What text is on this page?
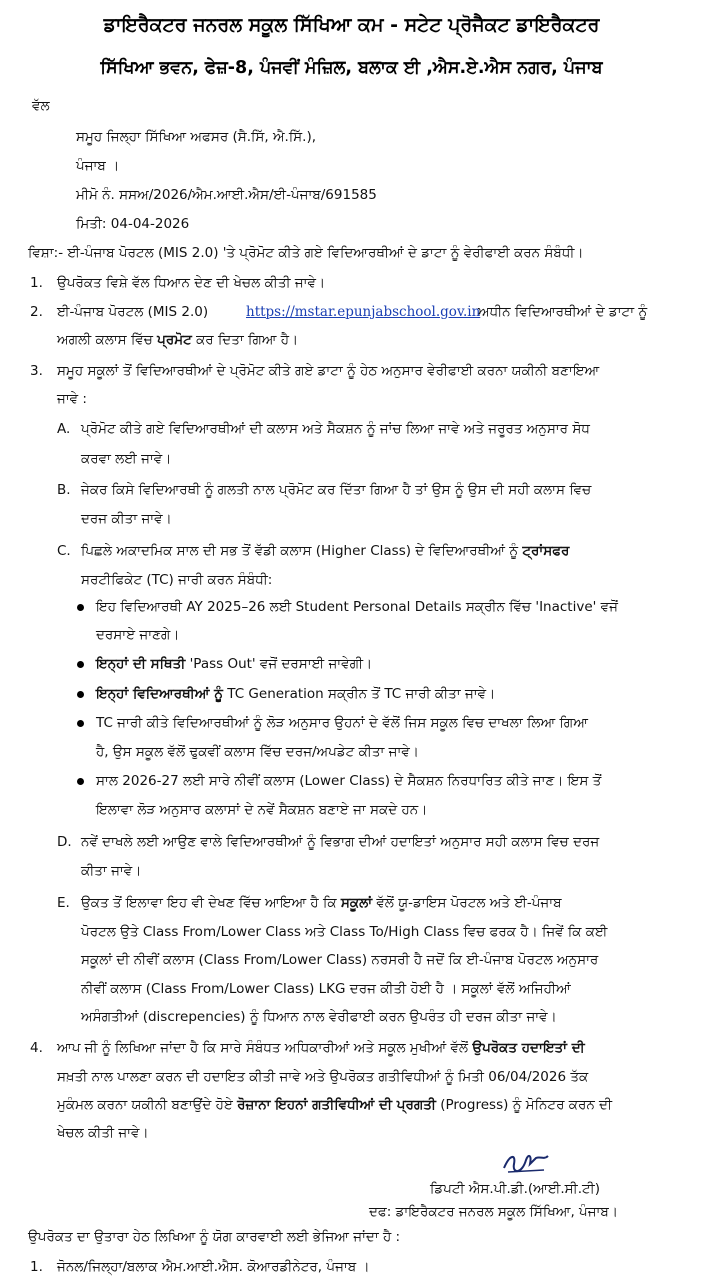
ਡਾਇਰੈਕਟਰ ਜਨਰਲ ਸਕੂਲ ਸਿੱਖਿਆ ਕਮ - ਸਟੇਟ ਪ੍ਰੋਜੈਕਟ ਡਾਇਰੈਕਟਰ
ਸਿੱਖਿਆ ਭਵਨ, ਫੇਜ਼-8, ਪੰਜਵੀਂ ਮੰਜ਼ਿਲ, ਬਲਾਕ ਈ ,ਐਸ.ਏ.ਐਸ ਨਗਰ, ਪੰਜਾਬ
ਵੱਲ
ਸਮੂਹ ਜਿਲ੍ਹਾ ਸਿੱਖਿਆ ਅਫਸਰ (ਸੈ.ਸਿੱ, ਐ.ਸਿੱ.),
ਪੰਜਾਬ ।
ਮੀਮੋ ਨੰ. ਸਸਅ/2026/ਐਮ.ਆਈ.ਐਸ/ਈ-ਪੰਜਾਬ/691585
ਮਿਤੀ: 04-04-2026
ਵਿਸ਼ਾ:- ਈ-ਪੰਜਾਬ ਪੋਰਟਲ (MIS 2.0) 'ਤੇ ਪ੍ਰੋਮੋਟ ਕੀਤੇ ਗਏ ਵਿਦਿਆਰਥੀਆਂ ਦੇ ਡਾਟਾ ਨੂੰ ਵੇਰੀਫਾਈ ਕਰਨ ਸੰਬੰਧੀ।
1. ਉਪਰੋਕਤ ਵਿਸ਼ੇ ਵੱਲ ਧਿਆਨ ਦੇਣ ਦੀ ਖੇਚਲ ਕੀਤੀ ਜਾਵੇ।
2. ਈ-ਪੰਜਾਬ ਪੋਰਟਲ (MIS 2.0)	https://mstar.epunjabschool.gov.in
ਅਧੀਨ ਵਿਦਿਆਰਥੀਆਂ ਦੇ ਡਾਟਾ ਨੂੰ
ਅਗਲੀ ਕਲਾਸ ਵਿੱਚ ਪ੍ਰਮੋਟ ਕਰ ਦਿਤਾ ਗਿਆ ਹੈ।
3. ਸਮੂਹ ਸਕੂਲਾਂ ਤੋਂ ਵਿਦਿਆਰਥੀਆਂ ਦੇ ਪ੍ਰੋਮੋਟ ਕੀਤੇ ਗਏ ਡਾਟਾ ਨੂੰ ਹੇਠ ਅਨੁਸਾਰ ਵੇਰੀਫਾਈ ਕਰਨਾ ਯਕੀਨੀ ਬਣਾਇਆ
ਜਾਵੇ :
A. ਪ੍ਰੋਮੋਟ ਕੀਤੇ ਗਏ ਵਿਦਿਆਰਥੀਆਂ ਦੀ ਕਲਾਸ ਅਤੇ ਸੈਕਸ਼ਨ ਨੂੰ ਜਾਂਚ ਲਿਆ ਜਾਵੇ ਅਤੇ ਜਰੂਰਤ ਅਨੁਸਾਰ ਸੋਧ
ਕਰਵਾ ਲਈ ਜਾਵੇ।
B. ਜੇਕਰ ਕਿਸੇ ਵਿਦਿਆਰਥੀ ਨੂੰ ਗਲਤੀ ਨਾਲ ਪ੍ਰੋਮੋਟ ਕਰ ਦਿੱਤਾ ਗਿਆ ਹੈ ਤਾਂ ਉਸ ਨੂੰ ਉਸ ਦੀ ਸਹੀ ਕਲਾਸ ਵਿਚ
ਦਰਜ ਕੀਤਾ ਜਾਵੇ।
C. ਪਿਛਲੇ ਅਕਾਦਮਿਕ ਸਾਲ ਦੀ ਸਭ ਤੋਂ ਵੱਡੀ ਕਲਾਸ (Higher Class) ਦੇ ਵਿਦਿਆਰਥੀਆਂ ਨੂੰ ਟ੍ਰਾਂਸਫਰ
ਸਰਟੀਫਿਕੇਟ (TC) ਜਾਰੀ ਕਰਨ ਸੰਬੰਧੀ:
ਇਹ ਵਿਦਿਆਰਥੀ AY 2025–26 ਲਈ Student Personal Details ਸਕ੍ਰੀਨ ਵਿੱਚ 'Inactive' ਵਜੋਂ
ਦਰਸਾਏ ਜਾਣਗੇ।
ਇਨ੍ਹਾਂ ਦੀ ਸਥਿਤੀ 'Pass Out' ਵਜੋਂ ਦਰਸਾਈ ਜਾਵੇਗੀ।
ਇਨ੍ਹਾਂ ਵਿਦਿਆਰਥੀਆਂ ਨੂੰ TC Generation ਸਕ੍ਰੀਨ ਤੋਂ TC ਜਾਰੀ ਕੀਤਾ ਜਾਵੇ।
TC ਜਾਰੀ ਕੀਤੇ ਵਿਦਿਆਰਥੀਆਂ ਨੂੰ ਲੋੜ ਅਨੁਸਾਰ ਉਹਨਾਂ ਦੇ ਵੱਲੋਂ ਜਿਸ ਸਕੂਲ ਵਿਚ ਦਾਖਲਾ ਲਿਆ ਗਿਆ
ਹੈ, ਉਸ ਸਕੂਲ ਵੱਲੋਂ ਢੁਕਵੀਂ ਕਲਾਸ ਵਿੱਚ ਦਰਜ/ਅਪਡੇਟ ਕੀਤਾ ਜਾਵੇ।
ਸਾਲ 2026-27 ਲਈ ਸਾਰੇ ਨੀਵੀਂ ਕਲਾਸ (Lower Class) ਦੇ ਸੈਕਸ਼ਨ ਨਿਰਧਾਰਿਤ ਕੀਤੇ ਜਾਣ। ਇਸ ਤੋਂ
ਇਲਾਵਾ ਲੋੜ ਅਨੁਸਾਰ ਕਲਾਸਾਂ ਦੇ ਨਵੇਂ ਸੈਕਸ਼ਨ ਬਣਾਏ ਜਾ ਸਕਦੇ ਹਨ।
D. ਨਵੇਂ ਦਾਖਲੇ ਲਈ ਆਉਣ ਵਾਲੇ ਵਿਦਿਆਰਥੀਆਂ ਨੂੰ ਵਿਭਾਗ ਦੀਆਂ ਹਦਾਇਤਾਂ ਅਨੁਸਾਰ ਸਹੀ ਕਲਾਸ ਵਿਚ ਦਰਜ
ਕੀਤਾ ਜਾਵੇ।
E. ਉਕਤ ਤੋਂ ਇਲਾਵਾ ਇਹ ਵੀ ਦੇਖਣ ਵਿੱਚ ਆਇਆ ਹੈ ਕਿ ਸਕੂਲਾਂ ਵੱਲੋਂ ਯੂ-ਡਾਇਸ ਪੋਰਟਲ ਅਤੇ ਈ-ਪੰਜਾਬ
ਪੋਰਟਲ ਉਤੇ Class From/Lower Class ਅਤੇ Class To/High Class ਵਿਚ ਫਰਕ ਹੈ। ਜਿਵੇਂ ਕਿ ਕਈ
ਸਕੂਲਾਂ ਦੀ ਨੀਵੀਂ ਕਲਾਸ (Class From/Lower Class) ਨਰਸਰੀ ਹੈ ਜਦੋਂ ਕਿ ਈ-ਪੰਜਾਬ ਪੋਰਟਲ ਅਨੁਸਾਰ
ਨੀਵੀਂ ਕਲਾਸ (Class From/Lower Class) LKG ਦਰਜ ਕੀਤੀ ਹੋਈ ਹੈ । ਸਕੂਲਾਂ ਵੱਲੋਂ ਅਜਿਹੀਆਂ
ਅਸੰਗਤੀਆਂ (discrepencies) ਨੂੰ ਧਿਆਨ ਨਾਲ ਵੇਰੀਫਾਈ ਕਰਨ ਉਪਰੰਤ ਹੀ ਦਰਜ ਕੀਤਾ ਜਾਵੇ।
4. ਆਪ ਜੀ ਨੂੰ ਲਿਖਿਆ ਜਾਂਦਾ ਹੈ ਕਿ ਸਾਰੇ ਸੰਬੰਧਤ ਅਧਿਕਾਰੀਆਂ ਅਤੇ ਸਕੂਲ ਮੁਖੀਆਂ ਵੱਲੋਂ ਉਪਰੋਕਤ ਹਦਾਇਤਾਂ ਦੀ
ਸਖ਼ਤੀ ਨਾਲ ਪਾਲਣਾ ਕਰਨ ਦੀ ਹਦਾਇਤ ਕੀਤੀ ਜਾਵੇ ਅਤੇ ਉਪਰੋਕਤ ਗਤੀਵਿਧੀਆਂ ਨੂੰ ਮਿਤੀ 06/04/2026 ਤੱਕ
ਮੁਕੰਮਲ ਕਰਨਾ ਯਕੀਨੀ ਬਣਾਉਂਦੇ ਹੋਏ ਰੋਜ਼ਾਨਾ ਇਹਨਾਂ ਗਤੀਵਿਧੀਆਂ ਦੀ ਪ੍ਰਗਤੀ (Progress) ਨੂੰ ਮੋਨਿਟਰ ਕਰਨ ਦੀ
ਖੇਚਲ ਕੀਤੀ ਜਾਵੇ।
ਡਿਪਟੀ ਐਸ.ਪੀ.ਡੀ.(ਆਈ.ਸੀ.ਟੀ)
ਦਫ: ਡਾਇਰੈਕਟਰ ਜਨਰਲ ਸਕੂਲ ਸਿੱਖਿਆ, ਪੰਜਾਬ।
ਉਪਰੋਕਤ ਦਾ ਉਤਾਰਾ ਹੇਠ ਲਿਖਿਆ ਨੂੰ ਯੋਗ ਕਾਰਵਾਈ ਲਈ ਭੇਜਿਆ ਜਾਂਦਾ ਹੈ :
1. ਜੋਨਲ/ਜਿਲ੍ਹਾ/ਬਲਾਕ ਐਮ.ਆਈ.ਐਸ. ਕੋਆਰਡੀਨੇਟਰ, ਪੰਜਾਬ ।
